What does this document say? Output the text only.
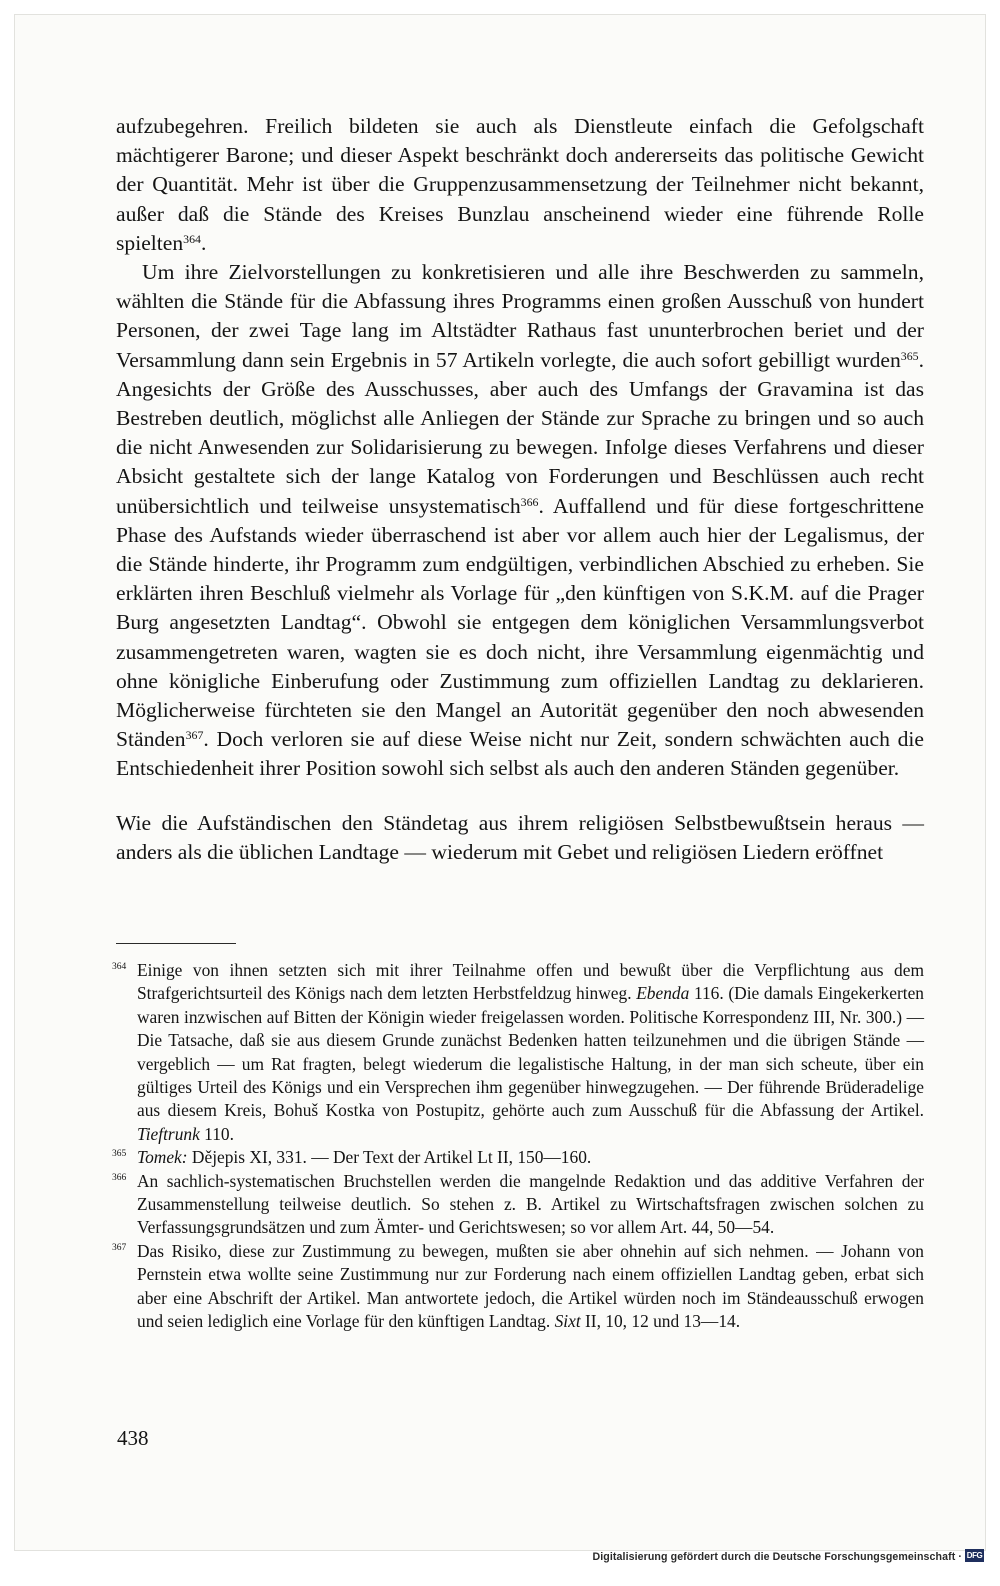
aufzubegehren. Freilich bildeten sie auch als Dienstleute einfach die Gefolgschaft mächtigerer Barone; und dieser Aspekt beschränkt doch andererseits das politische Gewicht der Quantität. Mehr ist über die Gruppenzusammensetzung der Teilnehmer nicht bekannt, außer daß die Stände des Kreises Bunzlau anscheinend wieder eine führende Rolle spielten$^{364}$.

Um ihre Zielvorstellungen zu konkretisieren und alle ihre Beschwerden zu sammeln, wählten die Stände für die Abfassung ihres Programms einen großen Ausschuß von hundert Personen, der zwei Tage lang im Altstädter Rathaus fast ununterbrochen beriet und der Versammlung dann sein Ergebnis in 57 Artikeln vorlegte, die auch sofort gebilligt wurden$^{365}$. Angesichts der Größe des Ausschusses, aber auch des Umfangs der Gravamina ist das Bestreben deutlich, möglichst alle Anliegen der Stände zur Sprache zu bringen und so auch die nicht Anwesenden zur Solidarisierung zu bewegen. Infolge dieses Verfahrens und dieser Absicht gestaltete sich der lange Katalog von Forderungen und Beschlüssen auch recht unübersichtlich und teilweise unsystematisch$^{366}$. Auffallend und für diese fortgeschrittene Phase des Aufstands wieder überraschend ist aber vor allem auch hier der Legalismus, der die Stände hinderte, ihr Programm zum endgültigen, verbindlichen Abschied zu erheben. Sie erklärten ihren Beschluß vielmehr als Vorlage für „den künftigen von S.K.M. auf die Prager Burg angesetzten Landtag“. Obwohl sie entgegen dem königlichen Versammlungsverbot zusammengetreten waren, wagten sie es doch nicht, ihre Versammlung eigenmächtig und ohne königliche Einberufung oder Zustimmung zum offiziellen Landtag zu deklarieren. Möglicherweise fürchteten sie den Mangel an Autorität gegenüber den noch abwesenden Ständen$^{367}$. Doch verloren sie auf diese Weise nicht nur Zeit, sondern schwächten auch die Entschiedenheit ihrer Position sowohl sich selbst als auch den anderen Ständen gegenüber.

Wie die Aufständischen den Ständetag aus ihrem religiösen Selbstbewußtsein heraus — anders als die üblichen Landtage — wiederum mit Gebet und religiösen Liedern eröffnet

364 Einige von ihnen setzten sich mit ihrer Teilnahme offen und bewußt über die Verpflichtung aus dem Strafgerichtsurteil des Königs nach dem letzten Herbstfeldzug hinweg. Ebenda 116. (Die damals Eingekerkerten waren inzwischen auf Bitten der Königin wieder freigelassen worden. Politische Korrespondenz III, Nr. 300.) — Die Tatsache, daß sie aus diesem Grunde zunächst Bedenken hatten teilzunehmen und die übrigen Stände — vergeblich — um Rat fragten, belegt wiederum die legalistische Haltung, in der man sich scheute, über ein gültiges Urteil des Königs und ein Versprechen ihm gegenüber hinwegzugehen. — Der führende Brüderadelige aus diesem Kreis, Bohuš Kostka von Postupitz, gehörte auch zum Ausschuß für die Abfassung der Artikel. Tieftrunk 110.
365 Tomek: Dějepis XI, 331. — Der Text der Artikel Lt II, 150—160.
366 An sachlich-systematischen Bruchstellen werden die mangelnde Redaktion und das additive Verfahren der Zusammenstellung teilweise deutlich. So stehen z. B. Artikel zu Wirtschaftsfragen zwischen solchen zu Verfassungsgrundsätzen und zum Ämter- und Gerichtswesen; so vor allem Art. 44, 50—54.
367 Das Risiko, diese zur Zustimmung zu bewegen, mußten sie aber ohnehin auf sich nehmen. — Johann von Pernstein etwa wollte seine Zustimmung nur zur Forderung nach einem offiziellen Landtag geben, erbat sich aber eine Abschrift der Artikel. Man antwortete jedoch, die Artikel würden noch im Ständeausschuß erwogen und seien lediglich eine Vorlage für den künftigen Landtag. Sixt II, 10, 12 und 13—14.
438
Digitalisierung gefördert durch die Deutsche Forschungsgemeinschaft · DFG
